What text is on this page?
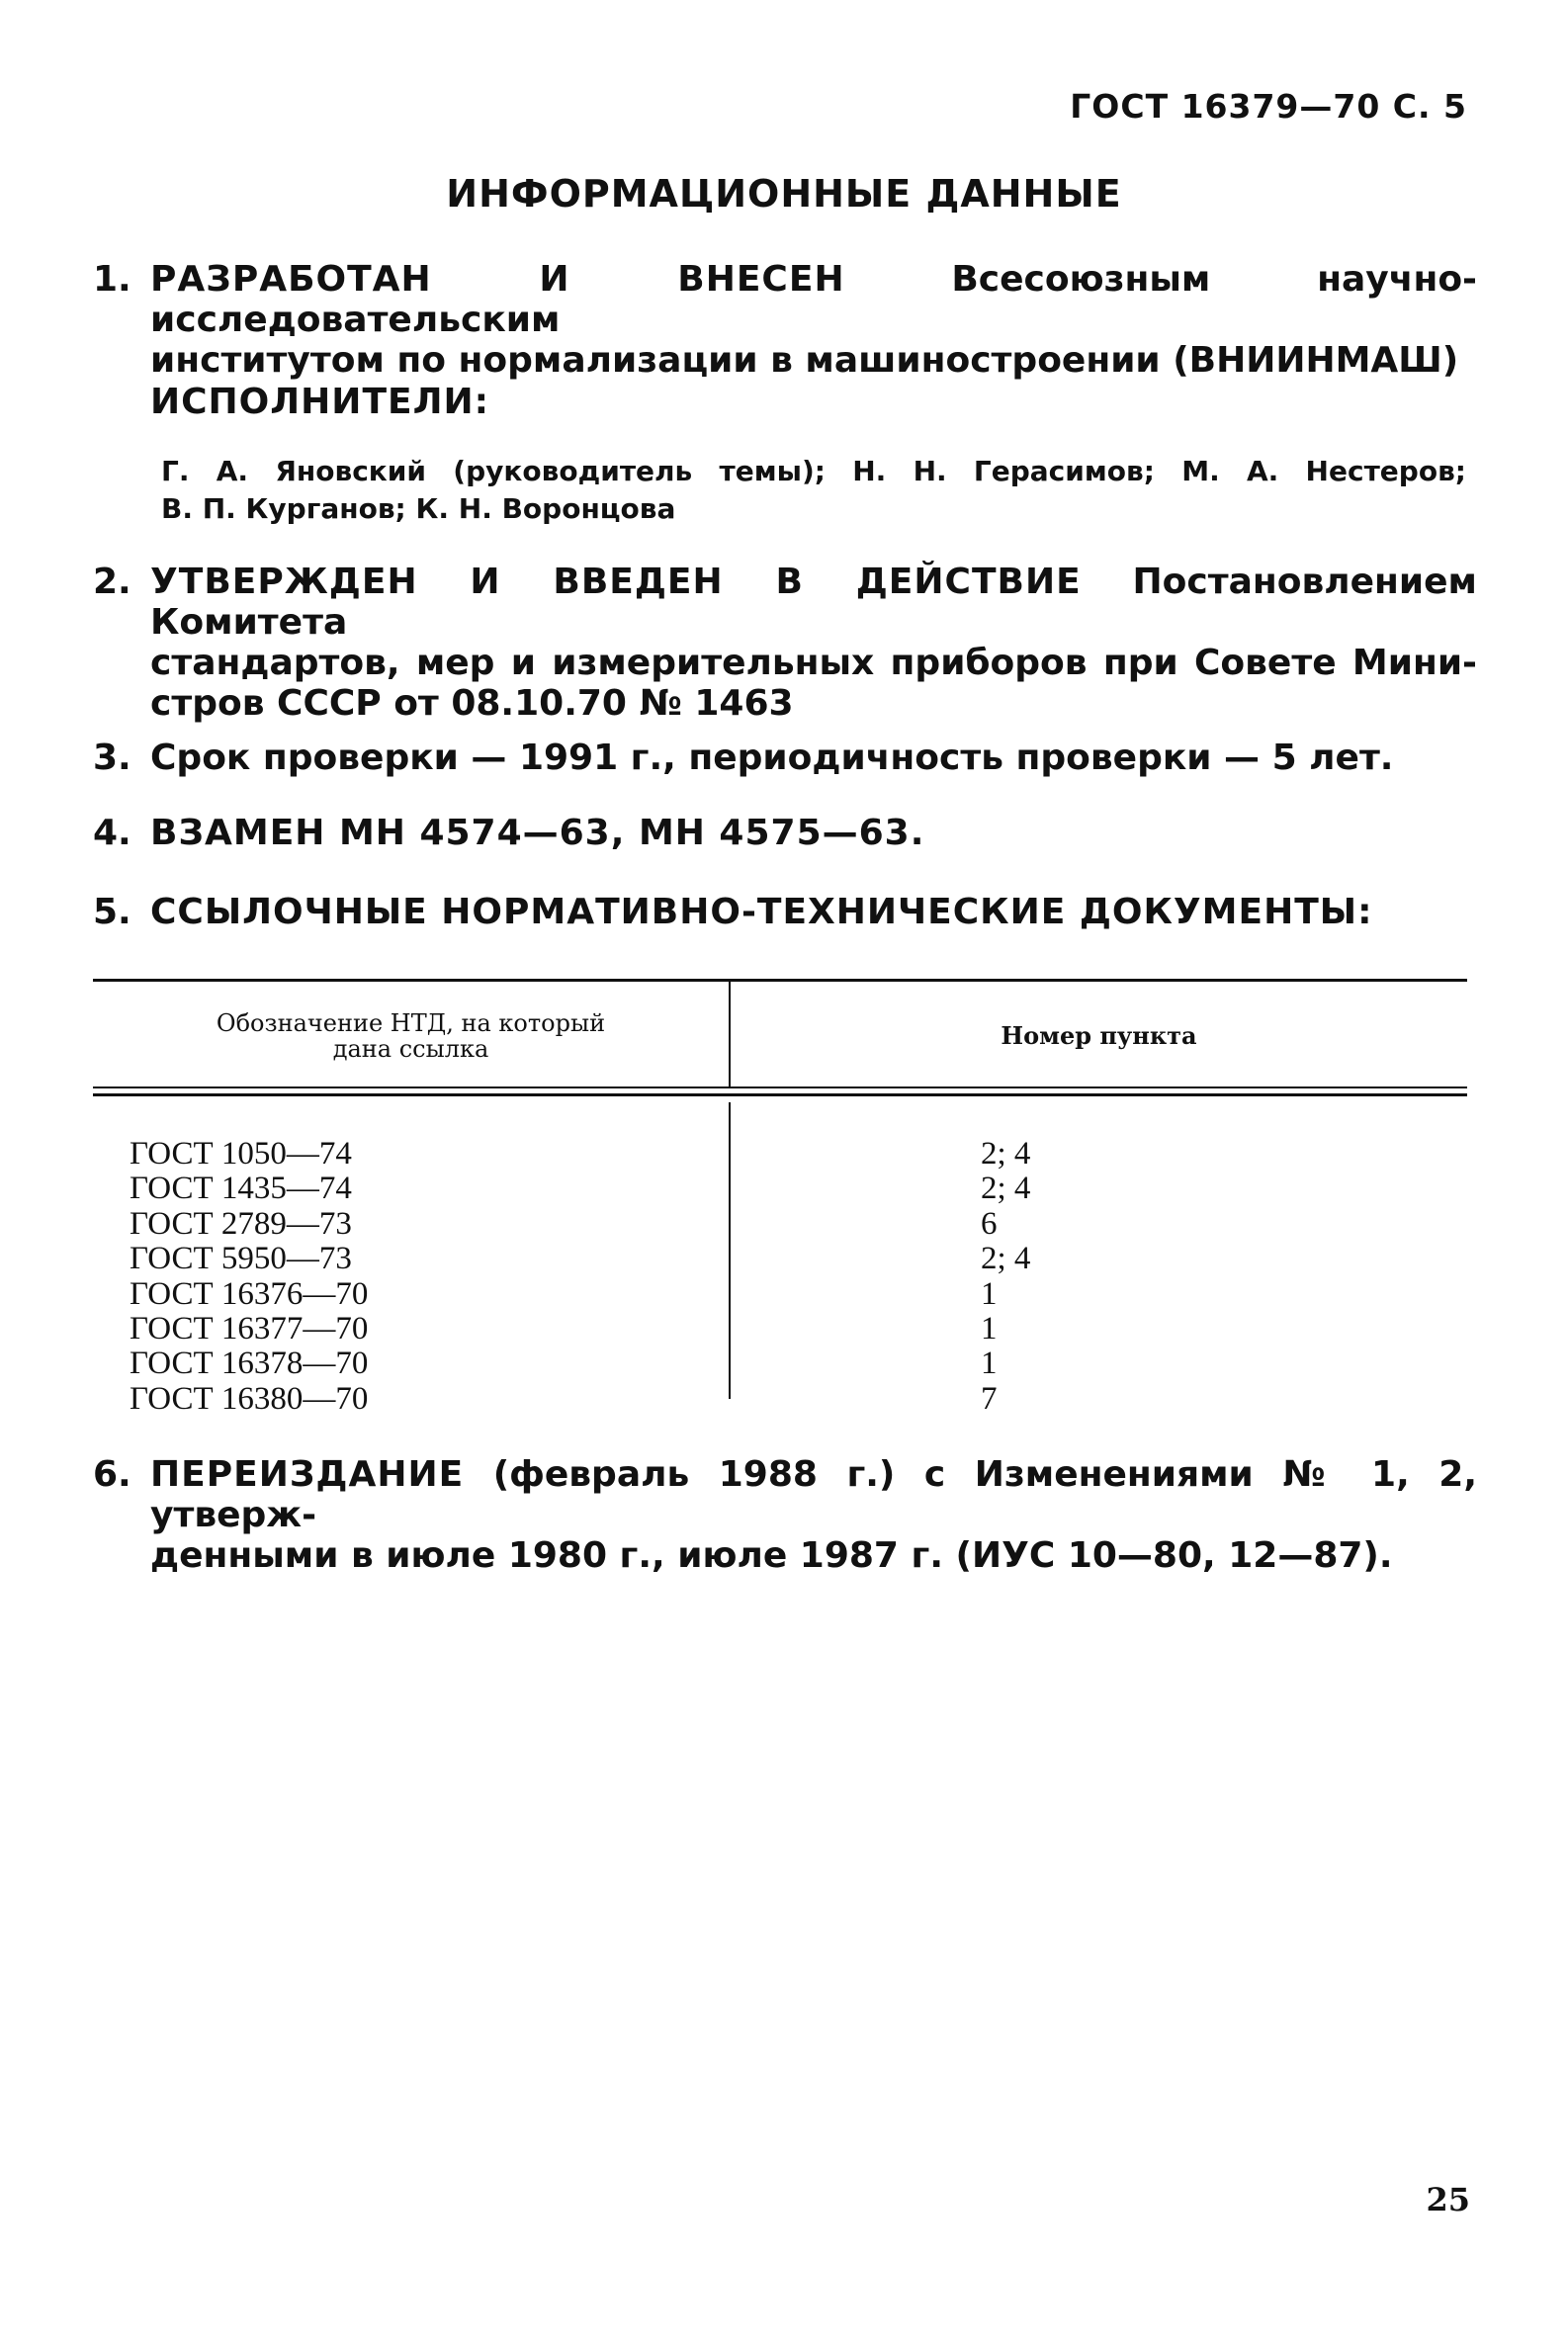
ГОСТ 16379—70 С. 5
ИНФОРМАЦИОННЫЕ ДАННЫЕ
1. РАЗРАБОТАН И ВНЕСЕН Всесоюзным научно-исследовательским
институтом по нормализации в машиностроении (ВНИИНМАШ)
ИСПОЛНИТЕЛИ:
Г. А. Яновский (руководитель темы); Н. Н. Герасимов; М. А. Нестеров;
В. П. Курганов; К. Н. Воронцова
2. УТВЕРЖДЕН И ВВЕДЕН В ДЕЙСТВИЕ Постановлением Комитета
стандартов, мер и измерительных приборов при Совете Мини-
стров СССР от 08.10.70 № 1463
3. Срок проверки — 1991 г., периодичность проверки — 5 лет.
4. ВЗАМЕН МН 4574—63, МН 4575—63.
5. ССЫЛОЧНЫЕ НОРМАТИВНО-ТЕХНИЧЕСКИЕ ДОКУМЕНТЫ:
Обозначение НТД, на который
дана ссылка	Номер пункта
ГОСТ 1050—74	2; 4
ГОСТ 1435—74	2; 4
ГОСТ 2789—73	6
ГОСТ 5950—73	2; 4
ГОСТ 16376—70	1
ГОСТ 16377—70	1
ГОСТ 16378—70	1
ГОСТ 16380—70	7
6. ПЕРЕИЗДАНИЕ (февраль 1988 г.) с Изменениями № 1, 2, утверж-
денными в июле 1980 г., июле 1987 г. (ИУС 10—80, 12—87).
25
